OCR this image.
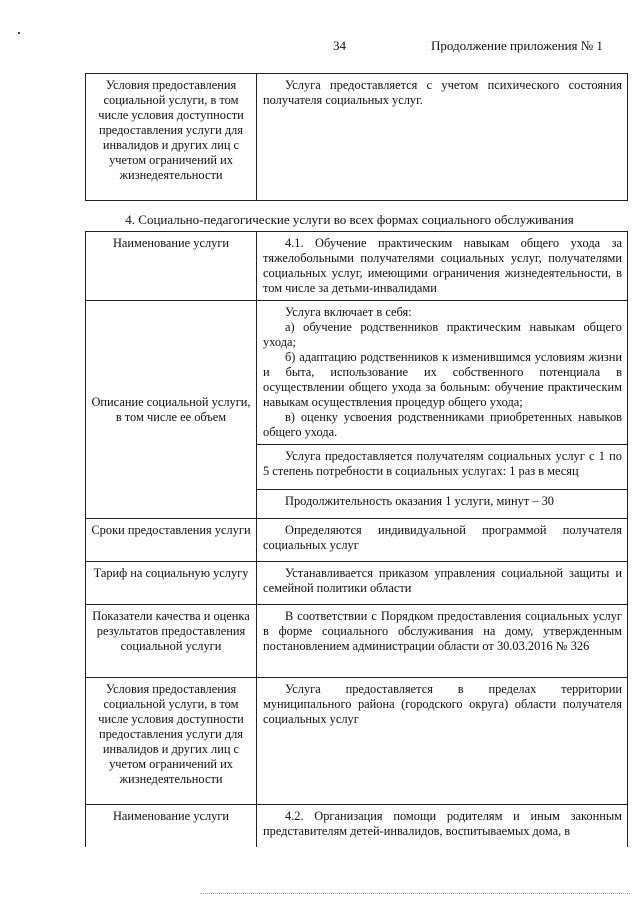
34	Продолжение приложения № 1
Условия предоставления социальной услуги, в том числе условия доступности предоставления услуги для инвалидов и других лиц с учетом ограничений их жизнедеятельности	Услуга предоставляется с учетом психического состояния получателя социальных услуг.
4. Социально-педагогические услуги во всех формах социального обслуживания
Наименование услуги	4.1. Обучение практическим навыкам общего ухода за тяжелобольными получателями социальных услуг, получателями социальных услуг, имеющими ограничения жизнедеятельности, в том числе за детьми-инвалидами
Описание социальной услуги, в том числе ее объем	Услуга включает в себя:

а) обучение родственников практическим навыкам общего ухода;

б) адаптацию родственников к изменившимся условиям жизни и быта, использование их собственного потенциала в осуществлении общего ухода за больным: обучение практическим навыкам осуществления процедур общего ухода;

в) оценку усвоения родственниками приобретенных навыков общего ухода.

	Услуга предоставляется получателям социальных услуг с 1 по 5 степень потребности в социальных услугах: 1 раз в месяц
	Продолжительность оказания 1 услуги, минут – 30
Сроки предоставления услуги	Определяются индивидуальной программой получателя социальных услуг
Тариф на социальную услугу	Устанавливается приказом управления социальной защиты и семейной политики области
Показатели качества и оценка результатов предоставления социальной услуги	В соответствии с Порядком предоставления социальных услуг в форме социального обслуживания на дому, утвержденным постановлением администрации области от 30.03.2016 № 326
Условия предоставления социальной услуги, в том числе условия доступности предоставления услуги для инвалидов и других лиц с учетом ограничений их жизнедеятельности	Услуга предоставляется в пределах территории муниципального района (городского округа) области получателя социальных услуг
Наименование услуги	4.2. Организация помощи родителям и иным законным представителям детей-инвалидов, воспитываемых дома, в
